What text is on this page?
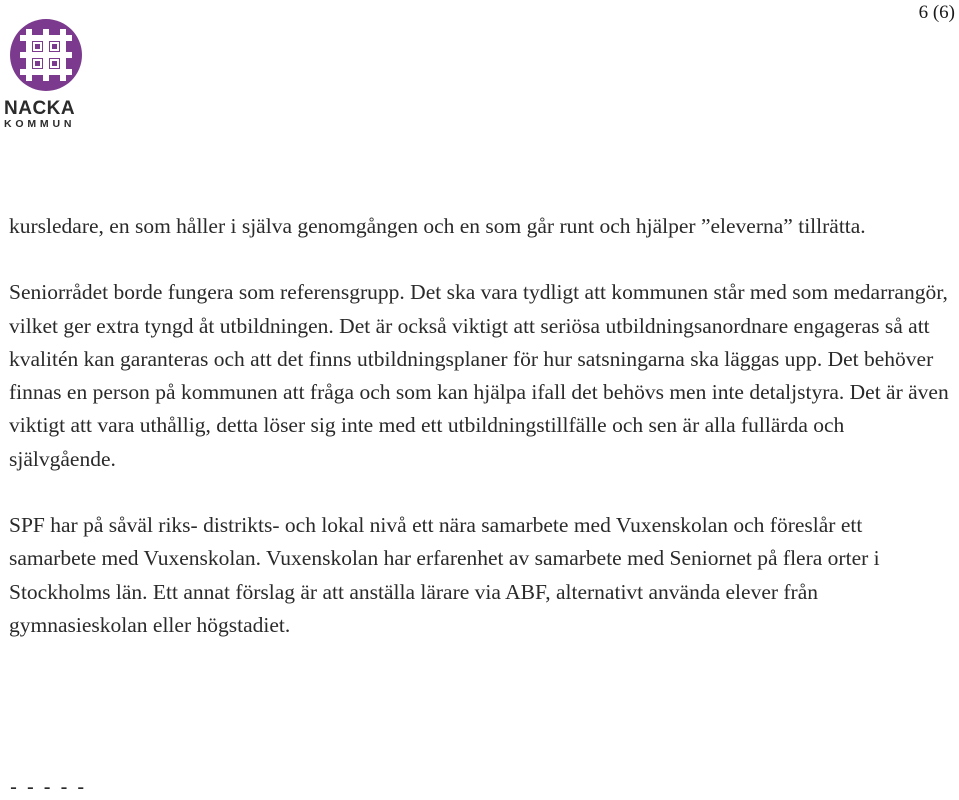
6 (6)
NACKA
KOMMUN

kursledare, en som håller i själva genomgången och en som går runt och hjälper ”eleverna” tillrätta.

Seniorrådet borde fungera som referensgrupp. Det ska vara tydligt att kommunen står med som medarrangör, vilket ger extra tyngd åt utbildningen. Det är också viktigt att seriösa utbildningsanordnare engageras så att kvalitén kan garanteras och att det finns utbildningsplaner för hur satsningarna ska läggas upp. Det behöver finnas en person på kommunen att fråga och som kan hjälpa ifall det behövs men inte detaljstyra. Det är även viktigt att vara uthållig, detta löser sig inte med ett utbildningstillfälle och sen är alla fullärda och självgående.

SPF har på såväl riks- distrikts- och lokal nivå ett nära samarbete med Vuxenskolan och föreslår ett samarbete med Vuxenskolan. Vuxenskolan har erfarenhet av samarbete med Seniornet på flera orter i Stockholms län. Ett annat förslag är att anställa lärare via ABF, alternativt använda elever från gymnasieskolan eller högstadiet.

- - - - -
